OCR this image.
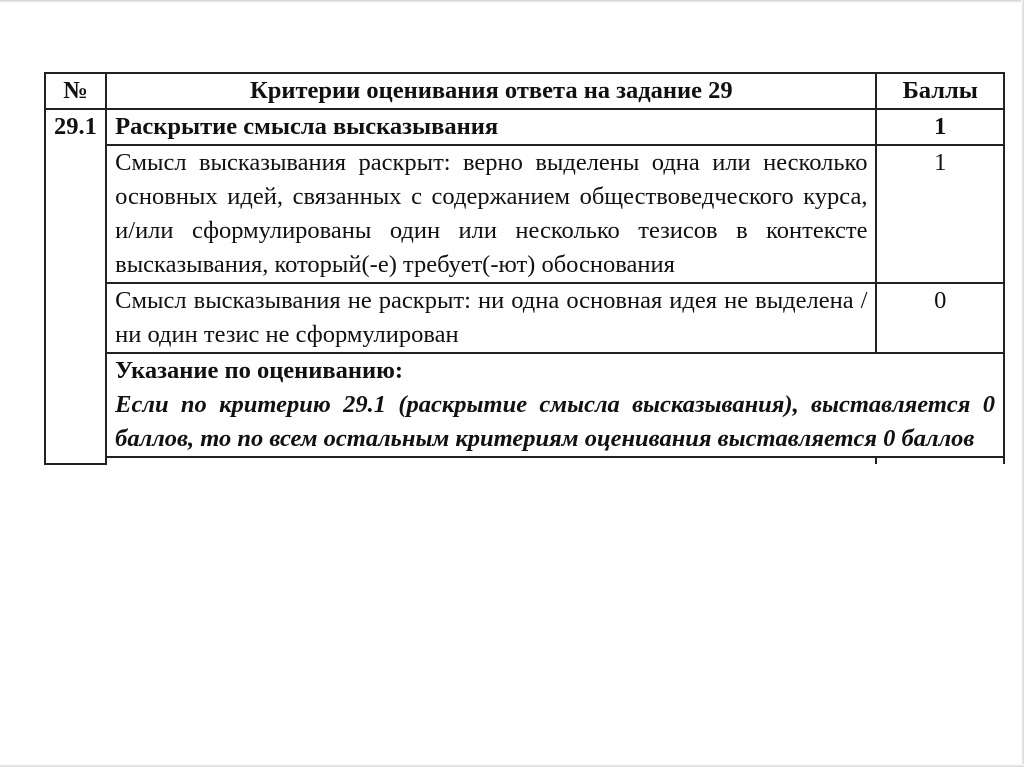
№	Критерии оценивания ответа на задание 29	Баллы
29.1	Раскрытие смысла высказывания	1
	Смысл высказывания раскрыт: верно выделены одна или несколько основных идей, связанных с содержанием обществоведческого курса, и/или сформулированы один или несколько тезисов в контексте высказывания, который(-е) требует(-ют) обоснования	1
	Смысл высказывания не раскрыт: ни одна основная идея не выделена / ни один тезис не сформулирован	0

	Указание по оцениванию:
Если по критерию 29.1 (раскрытие смысла высказывания), выставляется 0 баллов, то по всем остальным критериям оценивания выставляется 0 баллов	
